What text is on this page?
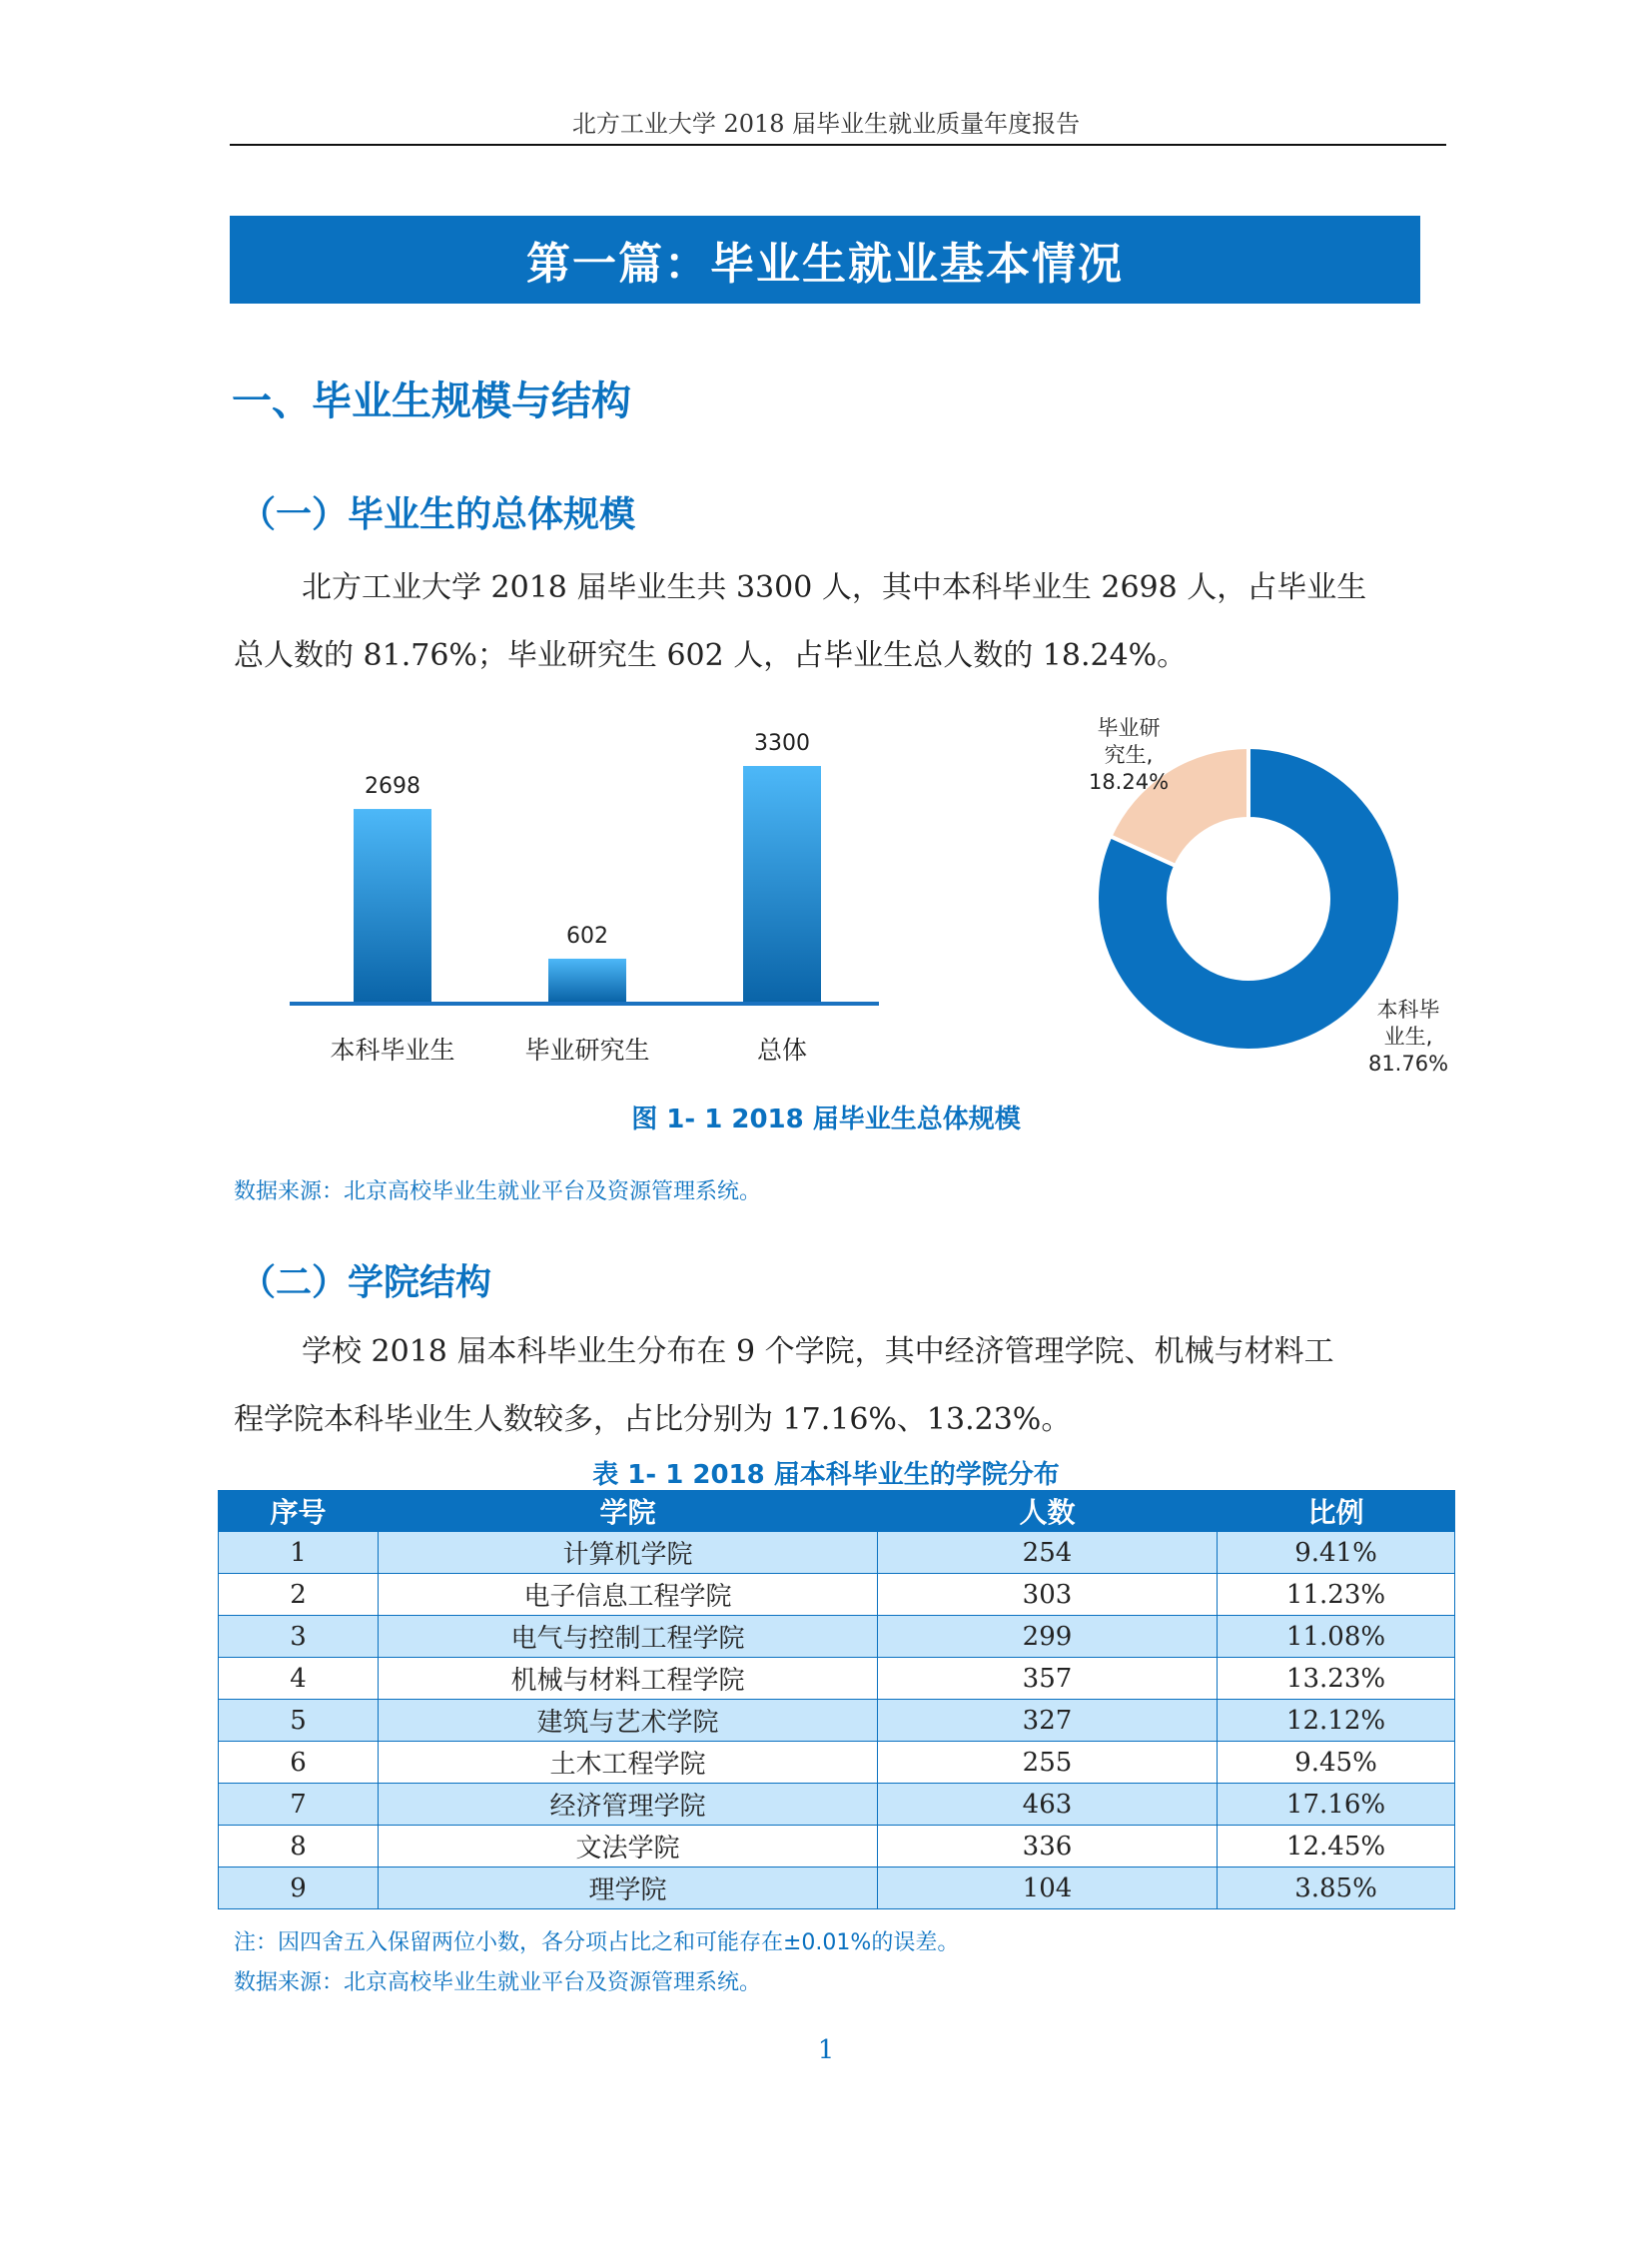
北方工业大学 2018 届毕业生就业质量年度报告
第一篇：毕业生就业基本情况
一、毕业生规模与结构
（一）毕业生的总体规模
北方工业大学 2018 届毕业生共 3300 人，其中本科毕业生 2698 人，占毕业生
总人数的 81.76%；毕业研究生 602 人，占毕业生总人数的 18.24%。
2698
本科毕业生
602
毕业研究生
3300
总体
毕业研究生, 18.24%
本科毕业生, 81.76%
图 1- 1 2018 届毕业生总体规模
数据来源：北京高校毕业生就业平台及资源管理系统。
（二）学院结构
学校 2018 届本科毕业生分布在 9 个学院，其中经济管理学院、机械与材料工
程学院本科毕业生人数较多，占比分别为 17.16%、13.23%。
表 1- 1 2018 届本科毕业生的学院分布
序号	学院	人数	比例
1	计算机学院	254	9.41%
2	电子信息工程学院	303	11.23%
3	电气与控制工程学院	299	11.08%
4	机械与材料工程学院	357	13.23%
5	建筑与艺术学院	327	12.12%
6	土木工程学院	255	9.45%
7	经济管理学院	463	17.16%
8	文法学院	336	12.45%
9	理学院	104	3.85%
注：因四舍五入保留两位小数，各分项占比之和可能存在±0.01%的误差。
数据来源：北京高校毕业生就业平台及资源管理系统。
1
